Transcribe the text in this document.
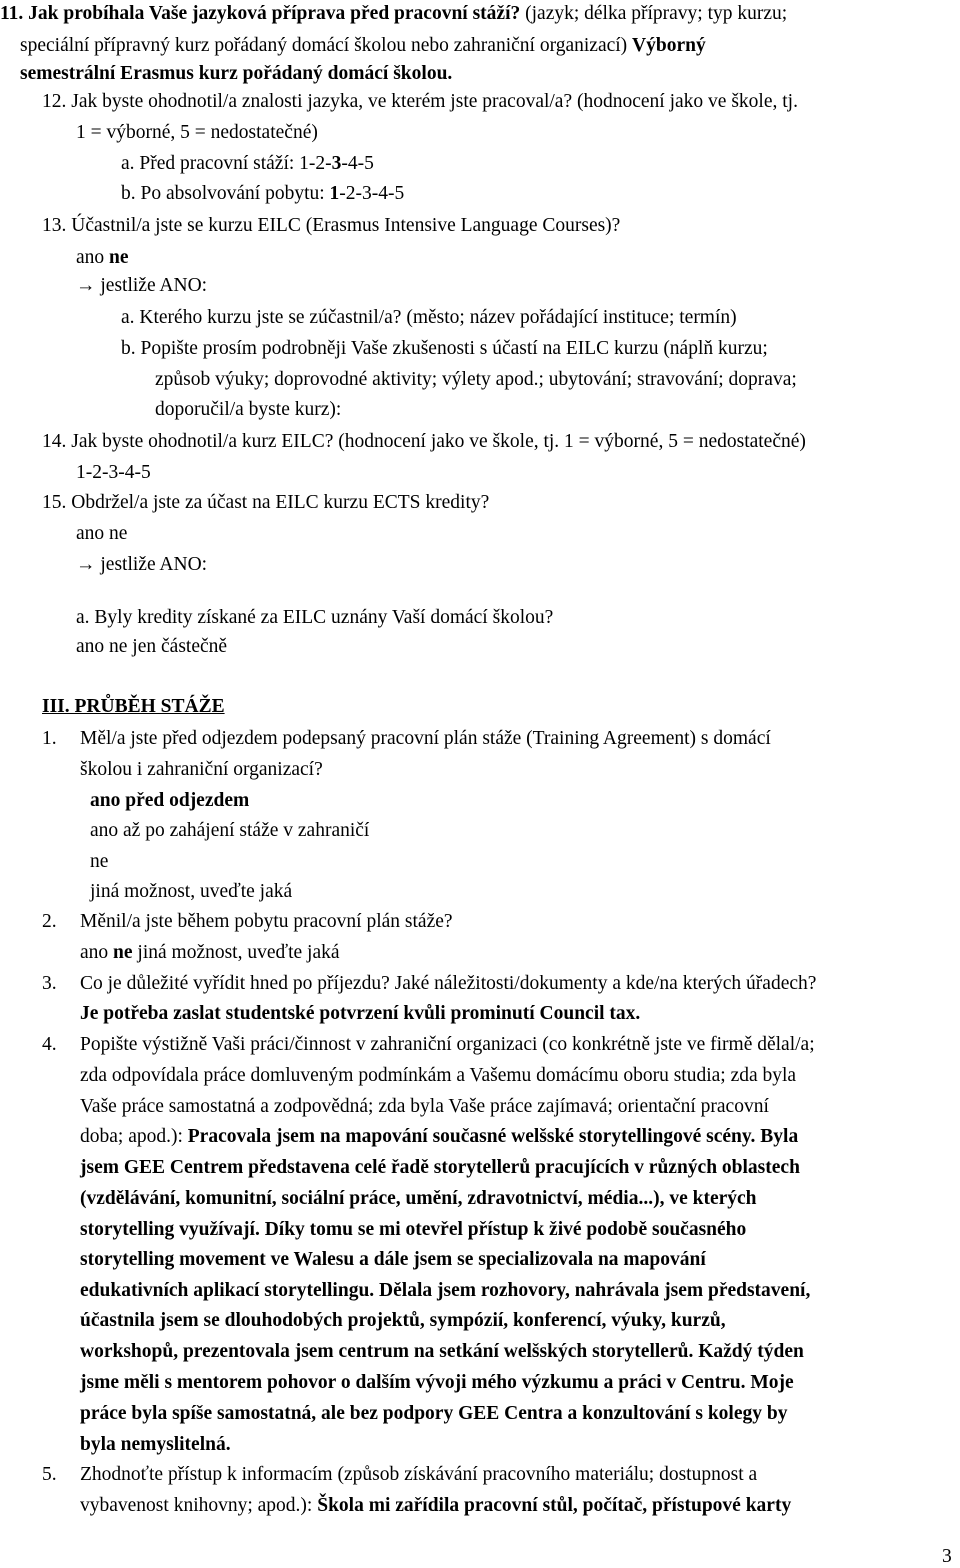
11. Jak probíhala Vaše jazyková příprava před pracovní stáží? (jazyk; délka přípravy; typ kurzu;
speciální přípravný kurz pořádaný domácí školou nebo zahraniční organizací) Výborný
semestrální Erasmus kurz pořádaný domácí školou.
12. Jak byste ohodnotil/a znalosti jazyka, ve kterém jste pracoval/a? (hodnocení jako ve škole, tj.
1 = výborné, 5 = nedostatečné)
a. Před pracovní stáží: 1-2-3-4-5
b. Po absolvování pobytu: 1-2-3-4-5
13. Účastnil/a jste se kurzu EILC (Erasmus Intensive Language Courses)?
ano ne
→ jestliže ANO:
a. Kterého kurzu jste se zúčastnil/a? (město; název pořádající instituce; termín)
b. Popište prosím podrobněji Vaše zkušenosti s účastí na EILC kurzu (náplň kurzu;
způsob výuky; doprovodné aktivity; výlety apod.; ubytování; stravování; doprava;
doporučil/a byste kurz):
14. Jak byste ohodnotil/a kurz EILC? (hodnocení jako ve škole, tj. 1 = výborné, 5 = nedostatečné)
1-2-3-4-5
15. Obdržel/a jste za účast na EILC kurzu ECTS kredity?
ano ne
→ jestliže ANO:
a. Byly kredity získané za EILC uznány Vaší domácí školou?
ano ne jen částečně
III. PRŮBĚH STÁŽE
1. Měl/a jste před odjezdem podepsaný pracovní plán stáže (Training Agreement) s domácí
školou i zahraniční organizací?
ano před odjezdem
ano až po zahájení stáže v zahraničí
ne
jiná možnost, uveďte jaká
2. Měnil/a jste během pobytu pracovní plán stáže?
ano ne jiná možnost, uveďte jaká
3. Co je důležité vyřídit hned po příjezdu? Jaké náležitosti/dokumenty a kde/na kterých úřadech?
Je potřeba zaslat studentské potvrzení kvůli prominutí Council tax.
4. Popište výstižně Vaši práci/činnost v zahraniční organizaci (co konkrétně jste ve firmě dělal/a;
zda odpovídala práce domluveným podmínkám a Vašemu domácímu oboru studia; zda byla
Vaše práce samostatná a zodpovědná; zda byla Vaše práce zajímavá; orientační pracovní
doba; apod.): Pracovala jsem na mapování současné welšské storytellingové scény. Byla
jsem GEE Centrem představena celé řadě storytellerů pracujících v různých oblastech
(vzdělávání, komunitní, sociální práce, umění, zdravotnictví, média...), ve kterých
storytelling využívají. Díky tomu se mi otevřel přístup k živé podobě současného
storytelling movement ve Walesu a dále jsem se specializovala na mapování
edukativních aplikací storytellingu. Dělala jsem rozhovory, nahrávala jsem představení,
účastnila jsem se dlouhodobých projektů, sympózií, konferencí, výuky, kurzů,
workshopů, prezentovala jsem centrum na setkání welšských storytellerů. Každý týden
jsme měli s mentorem pohovor o dalším vývoji mého výzkumu a práci v Centru. Moje
práce byla spíše samostatná, ale bez podpory GEE Centra a konzultování s kolegy by
byla nemyslitelná.
5. Zhodnoťte přístup k informacím (způsob získávání pracovního materiálu; dostupnost a
vybavenost knihovny; apod.): Škola mi zařídila pracovní stůl, počítač, přístupové karty
3
